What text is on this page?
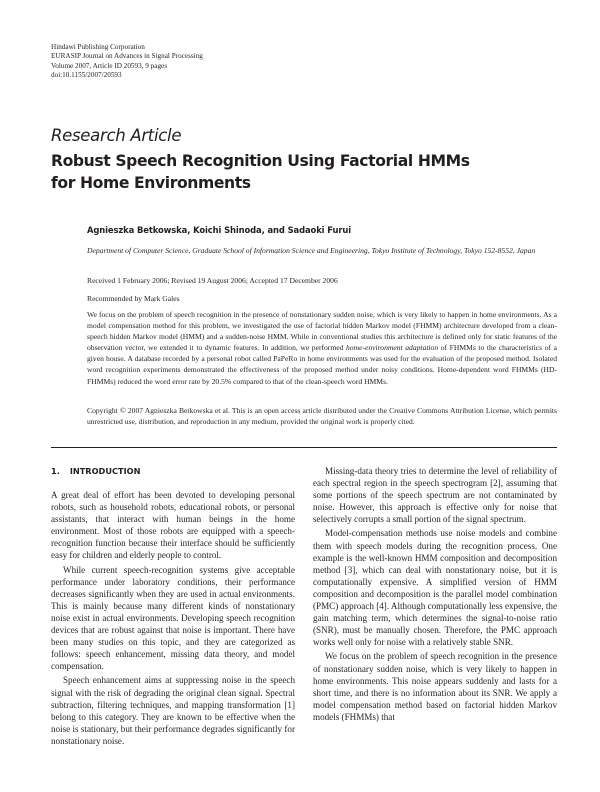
Hindawi Publishing Corporation
EURASIP Journal on Advances in Signal Processing
Volume 2007, Article ID 20593, 9 pages
doi:10.1155/2007/20593
Research Article
Robust Speech Recognition Using Factorial HMMs
for Home Environments
Agnieszka Betkowska, Koichi Shinoda, and Sadaoki Furui
Department of Computer Science, Graduate School of Information Science and Engineering, Tokyo Institute of Technology, Tokyo 152-8552, Japan
Received 1 February 2006; Revised 19 August 2006; Accepted 17 December 2006
Recommended by Mark Gales
We focus on the problem of speech recognition in the presence of nonstationary sudden noise, which is very likely to happen in home environments. As a model compensation method for this problem, we investigated the use of factorial hidden Markov model (FHMM) architecture developed from a clean-speech hidden Markov model (HMM) and a sudden-noise HMM. While in conventional studies this architecture is defined only for static features of the observation vector, we extended it to dynamic features. In addition, we performed home-environment adaptation of FHMMs to the characteristics of a given house. A database recorded by a personal robot called PaPeRo in home environments was used for the evaluation of the proposed method. Isolated word recognition experiments demonstrated the effectiveness of the proposed method under noisy conditions. Home-dependent word FHMMs (HD-FHMMs) reduced the word error rate by 20.5% compared to that of the clean-speech word HMMs.
Copyright © 2007 Agnieszka Betkowska et al. This is an open access article distributed under the Creative Commons Attribution License, which permits unrestricted use, distribution, and reproduction in any medium, provided the original work is properly cited.
1. INTRODUCTION

A great deal of effort has been devoted to developing personal robots, such as household robots, educational robots, or personal assistants, that interact with human beings in the home environment. Most of those robots are equipped with a speech-recognition function because their interface should be sufficiently easy for children and elderly people to control.

While current speech-recognition systems give acceptable performance under laboratory conditions, their performance decreases significantly when they are used in actual environments. This is mainly because many different kinds of nonstationary noise exist in actual environments. Developing speech recognition devices that are robust against that noise is important. There have been many studies on this topic, and they are categorized as follows: speech enhancement, missing data theory, and model compensation.

Speech enhancement aims at suppressing noise in the speech signal with the risk of degrading the original clean signal. Spectral subtraction, filtering techniques, and mapping transformation [1] belong to this category. They are known to be effective when the noise is stationary, but their performance degrades significantly for nonstationary noise.

Missing-data theory tries to determine the level of reliability of each spectral region in the speech spectrogram [2], assuming that some portions of the speech spectrum are not contaminated by noise. However, this approach is effective only for noise that selectively corrupts a small portion of the signal spectrum.

Model-compensation methods use noise models and combine them with speech models during the recognition process. One example is the well-known HMM composition and decomposition method [3], which can deal with nonstationary noise, but it is computationally expensive. A simplified version of HMM composition and decomposition is the parallel model combination (PMC) approach [4]. Although computationally less expensive, the gain matching term, which determines the signal-to-noise ratio (SNR), must be manually chosen. Therefore, the PMC approach works well only for noise with a relatively stable SNR.

We focus on the problem of speech recognition in the presence of nonstationary sudden noise, which is very likely to happen in home environments. This noise appears suddenly and lasts for a short time, and there is no information about its SNR. We apply a model compensation method based on factorial hidden Markov models (FHMMs) that
